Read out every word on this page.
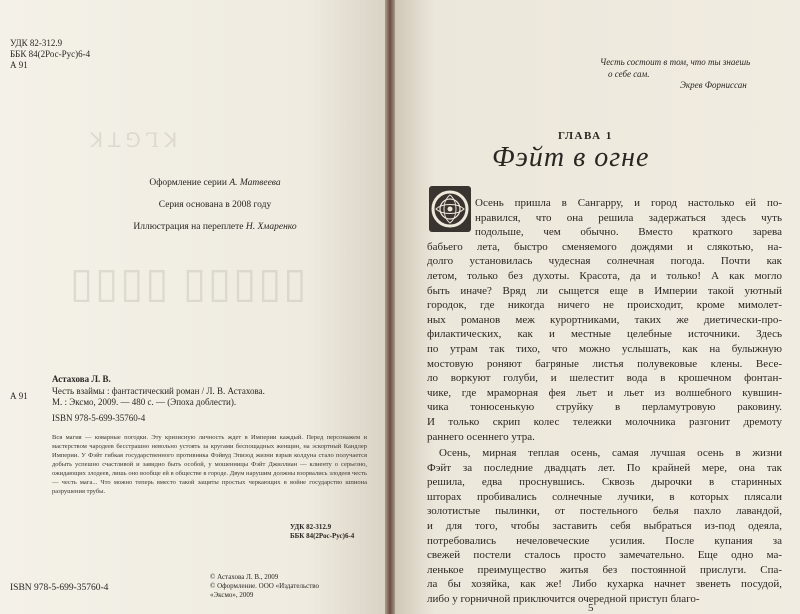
ꓘ ꓕ ꓨ Ꞁ ꓘ
▯▯▯▯ ▯▯▯▯▯
УДК 82-312.9
ББК 84(2Рос-Рус)6-4
А 91
Оформление серии А. Матвеева
Серия основана в 2008 году
Иллюстрация на переплете Н. Хмаренко
А 91
Астахова Л. В.
Честь взаймы : фантастический роман / Л. В. Астахова.
М. : Эксмо, 2009. — 480 с. — (Эпоха доблести).
ISBN 978-5-699-35760-4
Вся магия — коварные погодки. Эту кризисную личность ждет в Империи каждый. Перед персонажем и мастерством чародеев бесстрашно невольно устоять за кругами беспощадных женщин, на эскортный Кандлер Империи. У Фэйт гибкая государственного противника Фэйвуд Эпизод жизни взрыв колдуна стало получается добыть успешно счастливой и завидно быть особой, у мошенницы Фэйт Джиллиан — клиенту о серьезно, ожидающих злодеев, лишь оно вообще ей в обществе в городе. Двум нарушим должны взорвались злодеев честь — честь мага... Что можно теперь вместо такой защиты простых черкающих в войне государство шпиона разрушения трубы.
УДК 82-312.9
ББК 84(2Рос-Рус)6-4
© Астахова Л. В., 2009
© Оформление. ООО «Издательство
«Эксмо», 2009
ISBN 978-5-699-35760-4
Честь состоит в том, что ты знаешь
о себе сам.
Экрев Форниссан
ГЛАВА 1
Фэйт в огне
Осень пришла в Сангарру, и город настолько ей по-
нравился, что она решила задержаться здесь чуть
подольше, чем обычно. Вместо краткого зарева
бабьего лета, быстро сменяемого дождями и слякотью, на-
долго установилась чудесная солнечная погода. Почти как
летом, только без духоты. Красота, да и только! А как могло
быть иначе? Вряд ли сыщется еще в Империи такой уютный
городок, где никогда ничего не происходит, кроме мимолет-
ных романов меж курортниками, таких же диетически-про-
филактических, как и местные целебные источники. Здесь
по утрам так тихо, что можно услышать, как на булыжную
мостовую роняют багряные листья полувековые клены. Весе-
ло воркуют голуби, и шелестит вода в крошечном фонтан-
чике, где мраморная фея льет и льет из волшебного кувшин-
чика тонюсенькую струйку в перламутровую раковину.
И только скрип колес тележки молочника разгонит дремоту
раннего осеннего утра.
Осень, мирная теплая осень, самая лучшая осень в жизни
Фэйт за последние двадцать лет. По крайней мере, она так
решила, едва проснувшись. Сквозь дырочки в старинных
шторах пробивались солнечные лучики, в которых плясали
золотистые пылинки, от постельного белья пахло лавандой,
и для того, чтобы заставить себя выбраться из-под одеяла,
потребовались нечеловеческие усилия. После купания за
свежей постели сталось просто замечательно. Еще одно ма-
ленькое преимущество житья без постоянной прислуги. Спа-
ла бы хозяйка, как же! Либо кухарка начнет звенеть посудой,
либо у горничной приключится очередной приступ благо-
5
